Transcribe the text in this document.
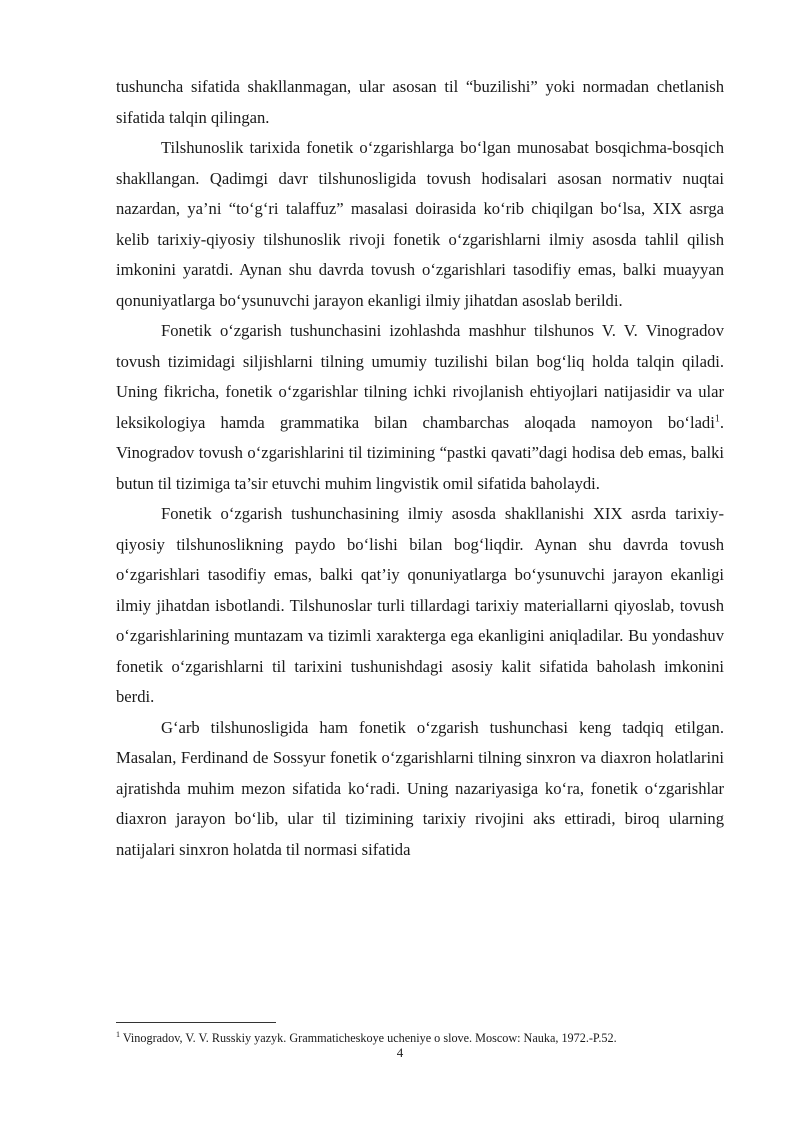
tushuncha sifatida shakllanmagan, ular asosan til “buzilishi” yoki normadan chetlanish sifatida talqin qilingan.

Tilshunoslik tarixida fonetik o‘zgarishlarga bo‘lgan munosabat bosqichma-bosqich shakllangan. Qadimgi davr tilshunosligida tovush hodisalari asosan normativ nuqtai nazardan, ya’ni “to‘g‘ri talaffuz” masalasi doirasida ko‘rib chiqilgan bo‘lsa, XIX asrga kelib tarixiy-qiyosiy tilshunoslik rivoji fonetik o‘zgarishlarni ilmiy asosda tahlil qilish imkonini yaratdi. Aynan shu davrda tovush o‘zgarishlari tasodifiy emas, balki muayyan qonuniyatlarga bo‘ysunuvchi jarayon ekanligi ilmiy jihatdan asoslab berildi.

Fonetik o‘zgarish tushunchasini izohlashda mashhur tilshunos V. V. Vinogradov tovush tizimidagi siljishlarni tilning umumiy tuzilishi bilan bog‘liq holda talqin qiladi. Uning fikricha, fonetik o‘zgarishlar tilning ichki rivojlanish ehtiyojlari natijasidir va ular leksikologiya hamda grammatika bilan chambarchas aloqada namoyon bo‘ladi$^1$. Vinogradov tovush o‘zgarishlarini til tizimining “pastki qavati”dagi hodisa deb emas, balki butun til tizimiga ta’sir etuvchi muhim lingvistik omil sifatida baholaydi.

Fonetik o‘zgarish tushunchasining ilmiy asosda shakllanishi XIX asrda tarixiy-qiyosiy tilshunoslikning paydo bo‘lishi bilan bog‘liqdir. Aynan shu davrda tovush o‘zgarishlari tasodifiy emas, balki qat’iy qonuniyatlarga bo‘ysunuvchi jarayon ekanligi ilmiy jihatdan isbotlandi. Tilshunoslar turli tillardagi tarixiy materiallarni qiyoslab, tovush o‘zgarishlarining muntazam va tizimli xarakterga ega ekanligini aniqladilar. Bu yondashuv fonetik o‘zgarishlarni til tarixini tushunishdagi asosiy kalit sifatida baholash imkonini berdi.

G‘arb tilshunosligida ham fonetik o‘zgarish tushunchasi keng tadqiq etilgan. Masalan, Ferdinand de Sossyur fonetik o‘zgarishlarni tilning sinxron va diaxron holatlarini ajratishda muhim mezon sifatida ko‘radi. Uning nazariyasiga ko‘ra, fonetik o‘zgarishlar diaxron jarayon bo‘lib, ular til tizimining tarixiy rivojini aks ettiradi, biroq ularning natijalari sinxron holatda til normasi sifatida

$^1$ Vinogradov, V. V. Russkiy yazyk. Grammaticheskoye ucheniye o slove. Moscow: Nauka, 1972.-P.52.
4
